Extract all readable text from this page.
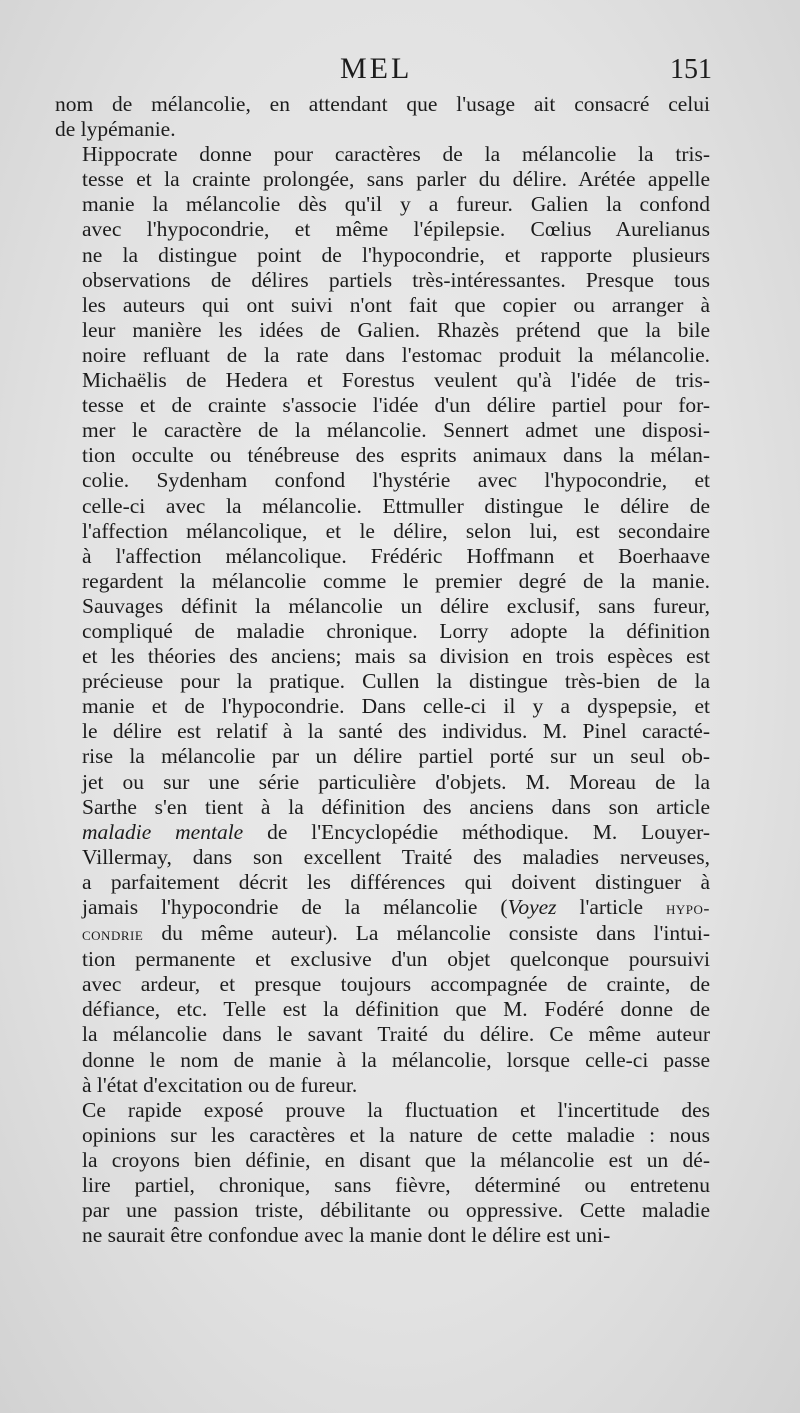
MEL	151
nom de mélancolie, en attendant que l'usage ait consacré celui
de lypémanie.
Hippocrate donne pour caractères de la mélancolie la tris-
tesse et la crainte prolongée, sans parler du délire. Arétée appelle
manie la mélancolie dès qu'il y a fureur. Galien la confond
avec l'hypocondrie, et même l'épilepsie. Cœlius Aurelianus
ne la distingue point de l'hypocondrie, et rapporte plusieurs
observations de délires partiels très-intéressantes. Presque tous
les auteurs qui ont suivi n'ont fait que copier ou arranger à
leur manière les idées de Galien. Rhazès prétend que la bile
noire refluant de la rate dans l'estomac produit la mélancolie.
Michaëlis de Hedera et Forestus veulent qu'à l'idée de tris-
tesse et de crainte s'associe l'idée d'un délire partiel pour for-
mer le caractère de la mélancolie. Sennert admet une disposi-
tion occulte ou ténébreuse des esprits animaux dans la mélan-
colie. Sydenham confond l'hystérie avec l'hypocondrie, et
celle-ci avec la mélancolie. Ettmuller distingue le délire de
l'affection mélancolique, et le délire, selon lui, est secondaire
à l'affection mélancolique. Frédéric Hoffmann et Boerhaave
regardent la mélancolie comme le premier degré de la manie.
Sauvages définit la mélancolie un délire exclusif, sans fureur,
compliqué de maladie chronique. Lorry adopte la définition
et les théories des anciens; mais sa division en trois espèces est
précieuse pour la pratique. Cullen la distingue très-bien de la
manie et de l'hypocondrie. Dans celle-ci il y a dyspepsie, et
le délire est relatif à la santé des individus. M. Pinel caracté-
rise la mélancolie par un délire partiel porté sur un seul ob-
jet ou sur une série particulière d'objets. M. Moreau de la
Sarthe s'en tient à la définition des anciens dans son article
maladie mentale de l'Encyclopédie méthodique. M. Louyer-
Villermay, dans son excellent Traité des maladies nerveuses,
a parfaitement décrit les différences qui doivent distinguer à
jamais l'hypocondrie de la mélancolie (Voyez l'article hypo-
condrie du même auteur). La mélancolie consiste dans l'intui-
tion permanente et exclusive d'un objet quelconque poursuivi
avec ardeur, et presque toujours accompagnée de crainte, de
défiance, etc. Telle est la définition que M. Fodéré donne de
la mélancolie dans le savant Traité du délire. Ce même auteur
donne le nom de manie à la mélancolie, lorsque celle-ci passe
à l'état d'excitation ou de fureur.
Ce rapide exposé prouve la fluctuation et l'incertitude des
opinions sur les caractères et la nature de cette maladie : nous
la croyons bien définie, en disant que la mélancolie est un dé-
lire partiel, chronique, sans fièvre, déterminé ou entretenu
par une passion triste, débilitante ou oppressive. Cette maladie
ne saurait être confondue avec la manie dont le délire est uni-
